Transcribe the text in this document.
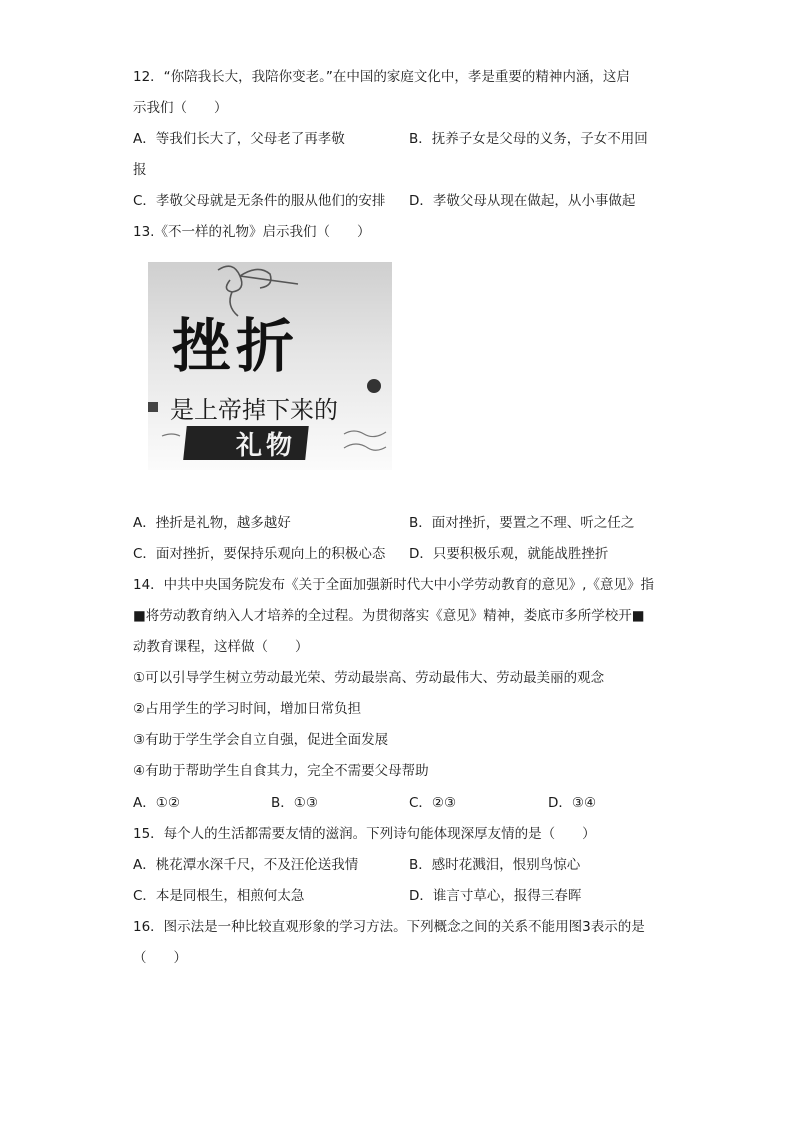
12．“你陪我长大，我陪你变老。”在中国的家庭文化中，孝是重要的精神内涵，这启
示我们（　　）
A．等我们长大了，父母老了再孝敬	B．抚养子女是父母的义务，子女不用回
报
C．孝敬父母就是无条件的服从他们的安排 D．孝敬父母从现在做起，从小事做起
13.《不一样的礼物》启示我们（　　）
挫折
是上帝掉下来的
礼物
A．挫折是礼物，越多越好	B．面对挫折，要置之不理、听之任之
C．面对挫折，要保持乐观向上的积极心态 D．只要积极乐观，就能战胜挫折
14．中共中央国务院发布《关于全面加强新时代大中小学劳动教育的意见》,《意见》指
■将劳动教育纳入人才培养的全过程。为贯彻落实《意见》精神，娄底市多所学校开■
动教育课程，这样做（　　）
①可以引导学生树立劳动最光荣、劳动最崇高、劳动最伟大、劳动最美丽的观念
②占用学生的学习时间，增加日常负担
③有助于学生学会自立自强，促进全面发展
④有助于帮助学生自食其力，完全不需要父母帮助
A．①②	B．①③	C．②③	D．③④
15．每个人的生活都需要友情的滋润。下列诗句能体现深厚友情的是（　　）
A．桃花潭水深千尺，不及汪伦送我情	B．感时花溅泪，恨别鸟惊心
C．本是同根生，相煎何太急	D．谁言寸草心，报得三春晖
16．图示法是一种比较直观形象的学习方法。下列概念之间的关系不能用图3表示的是
（　　）
